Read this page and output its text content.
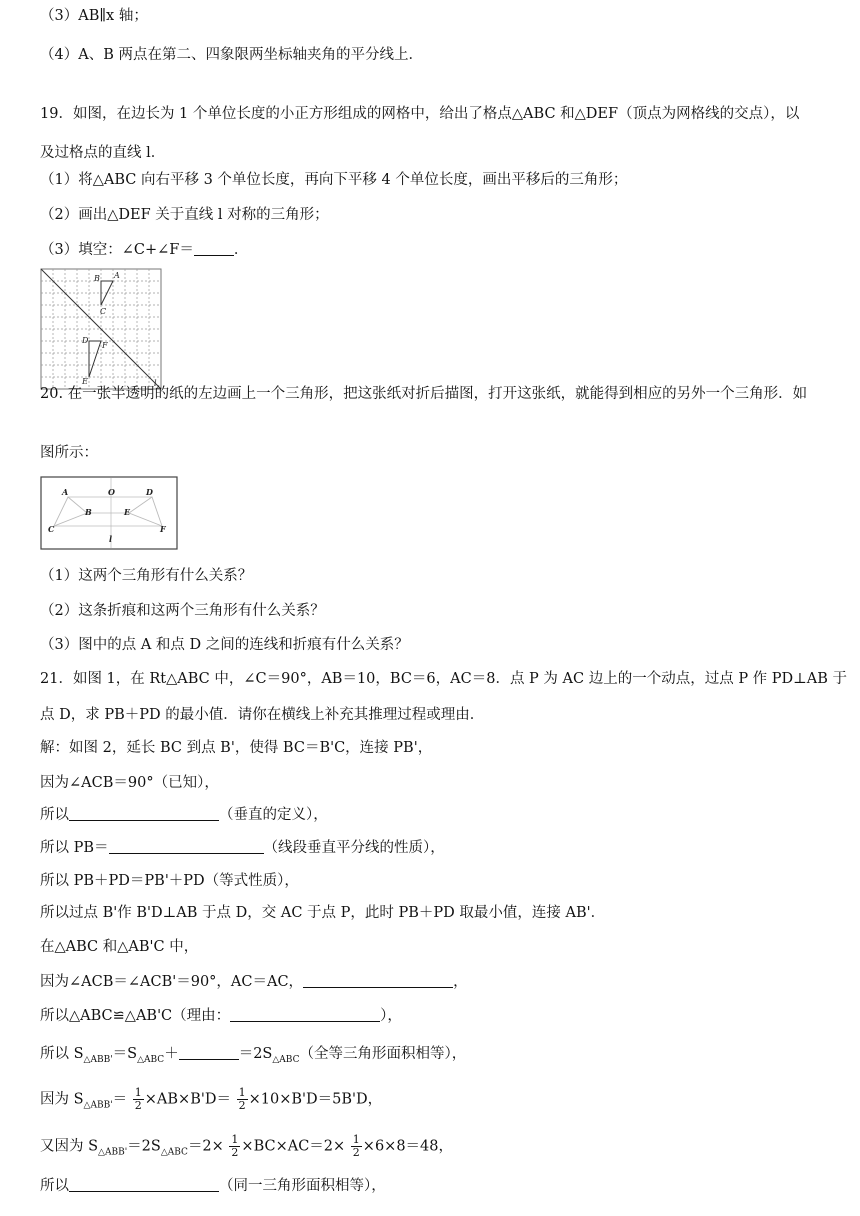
（3）AB∥x 轴；
（4）A、B 两点在第二、四象限两坐标轴夹角的平分线上．
19．如图，在边长为 1 个单位长度的小正方形组成的网格中，给出了格点△ABC 和△DEF（顶点为网格线的交点），以
及过格点的直线 l．
（1）将△ABC 向右平移 3 个单位长度，再向下平移 4 个单位长度，画出平移后的三角形；
（2）画出△DEF 关于直线 l 对称的三角形；
（3）填空：∠C+∠F＝	．
B A
C
D
F
E	l
20. 在一张半透明的纸的左边画上一个三角形，把这张纸对折后描图，打开这张纸，就能得到相应的另外一个三角形．如
图所示：
A	O	D
B	E
C	F
l
（1）这两个三角形有什么关系？
（2）这条折痕和这两个三角形有什么关系？
（3）图中的点 A 和点 D 之间的连线和折痕有什么关系？
21．如图 1，在 Rt△ABC 中，∠C＝90°，AB＝10，BC＝6，AC＝8．点 P 为 AC 边上的一个动点，过点 P 作 PD⊥AB 于
点 D，求 PB＋PD 的最小值．请你在横线上补充其推理过程或理由．
解：如图 2，延长 BC 到点 B'，使得 BC＝B'C，连接 PB'，
因为∠ACB＝90°（已知），
所以	（垂直的定义），
所以 PB＝	（线段垂直平分线的性质），
所以 PB＋PD＝PB'＋PD（等式性质），
所以过点 B'作 B'D⊥AB 于点 D，交 AC 于点 P，此时 PB＋PD 取最小值，连接 AB'．
在△ABC 和△AB'C 中，
因为∠ACB＝∠ACB'＝90°，AC＝AC，	，
所以△ABC≌△AB'C（理由：	），
所以 $S_{\triangle ABB'}=S_{\triangle ABC}+$	$=2S_{\triangle ABC}$（全等三角形面积相等），
因为 $S_{\triangle ABB'}= \frac{1}{2} \times AB\times B'D= \frac{1}{2} \times 10\times B'D=5B'D$，
又因为 $S_{\triangle ABB'}=2S_{\triangle ABC}=2\times \frac{1}{2} \times BC\times AC=2\times \frac{1}{2} \times 6\times 8=48$，
所以	（同一三角形面积相等），
